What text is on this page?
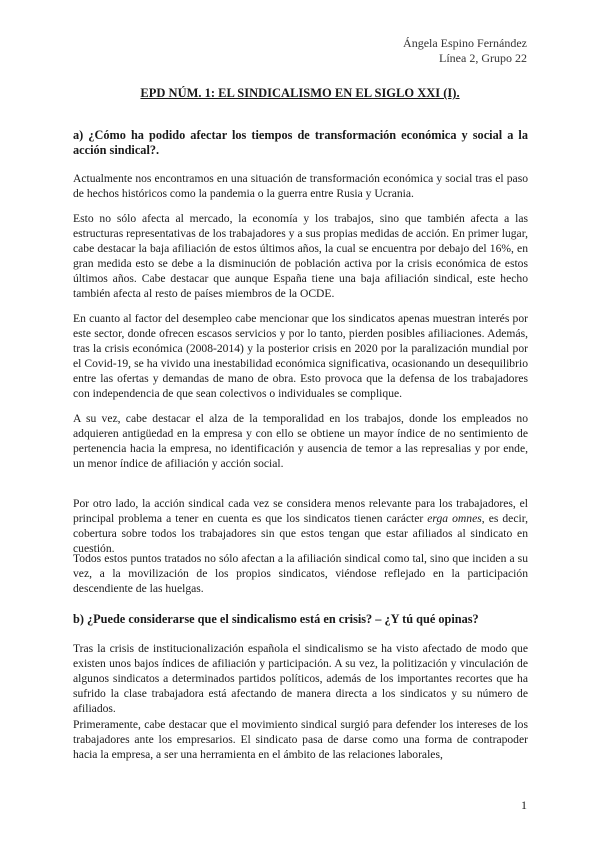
Ángela Espino Fernández
Línea 2, Grupo 22
EPD NÚM. 1: EL SINDICALISMO EN EL SIGLO XXI (I).
a) ¿Cómo ha podido afectar los tiempos de transformación económica y social a la acción sindical?.

Actualmente nos encontramos en una situación de transformación económica y social tras el paso de hechos históricos como la pandemia o la guerra entre Rusia y Ucrania.

Esto no sólo afecta al mercado, la economía y los trabajos, sino que también afecta a las estructuras representativas de los trabajadores y a sus propias medidas de acción. En primer lugar, cabe destacar la baja afiliación de estos últimos años, la cual se encuentra por debajo del 16%, en gran medida esto se debe a la disminución de población activa por la crisis económica de estos últimos años. Cabe destacar que aunque España tiene una baja afiliación sindical, este hecho también afecta al resto de países miembros de la OCDE.

En cuanto al factor del desempleo cabe mencionar que los sindicatos apenas muestran interés por este sector, donde ofrecen escasos servicios y por lo tanto, pierden posibles afiliaciones. Además, tras la crisis económica (2008-2014) y la posterior crisis en 2020 por la paralización mundial por el Covid-19, se ha vivido una inestabilidad económica significativa, ocasionando un desequilibrio entre las ofertas y demandas de mano de obra. Esto provoca que la defensa de los trabajadores con independencia de que sean colectivos o individuales se complique.

A su vez, cabe destacar el alza de la temporalidad en los trabajos, donde los empleados no adquieren antigüedad en la empresa y con ello se obtiene un mayor índice de no sentimiento de pertenencia hacia la empresa, no identificación y ausencia de temor a las represalias y por ende, un menor índice de afiliación y acción social.

Por otro lado, la acción sindical cada vez se considera menos relevante para los trabajadores, el principal problema a tener en cuenta es que los sindicatos tienen carácter erga omnes, es decir, cobertura sobre todos los trabajadores sin que estos tengan que estar afiliados al sindicato en cuestión.

Todos estos puntos tratados no sólo afectan a la afiliación sindical como tal, sino que inciden a su vez, a la movilización de los propios sindicatos, viéndose reflejado en la participación descendiente de las huelgas.

b) ¿Puede considerarse que el sindicalismo está en crisis? – ¿Y tú qué opinas?

Tras la crisis de institucionalización española el sindicalismo se ha visto afectado de modo que existen unos bajos índices de afiliación y participación. A su vez, la politización y vinculación de algunos sindicatos a determinados partidos políticos, además de los importantes recortes que ha sufrido la clase trabajadora está afectando de manera directa a los sindicatos y su número de afiliados.

Primeramente, cabe destacar que el movimiento sindical surgió para defender los intereses de los trabajadores ante los empresarios. El sindicato pasa de darse como una forma de contrapoder hacia la empresa, a ser una herramienta en el ámbito de las relaciones laborales,

1
